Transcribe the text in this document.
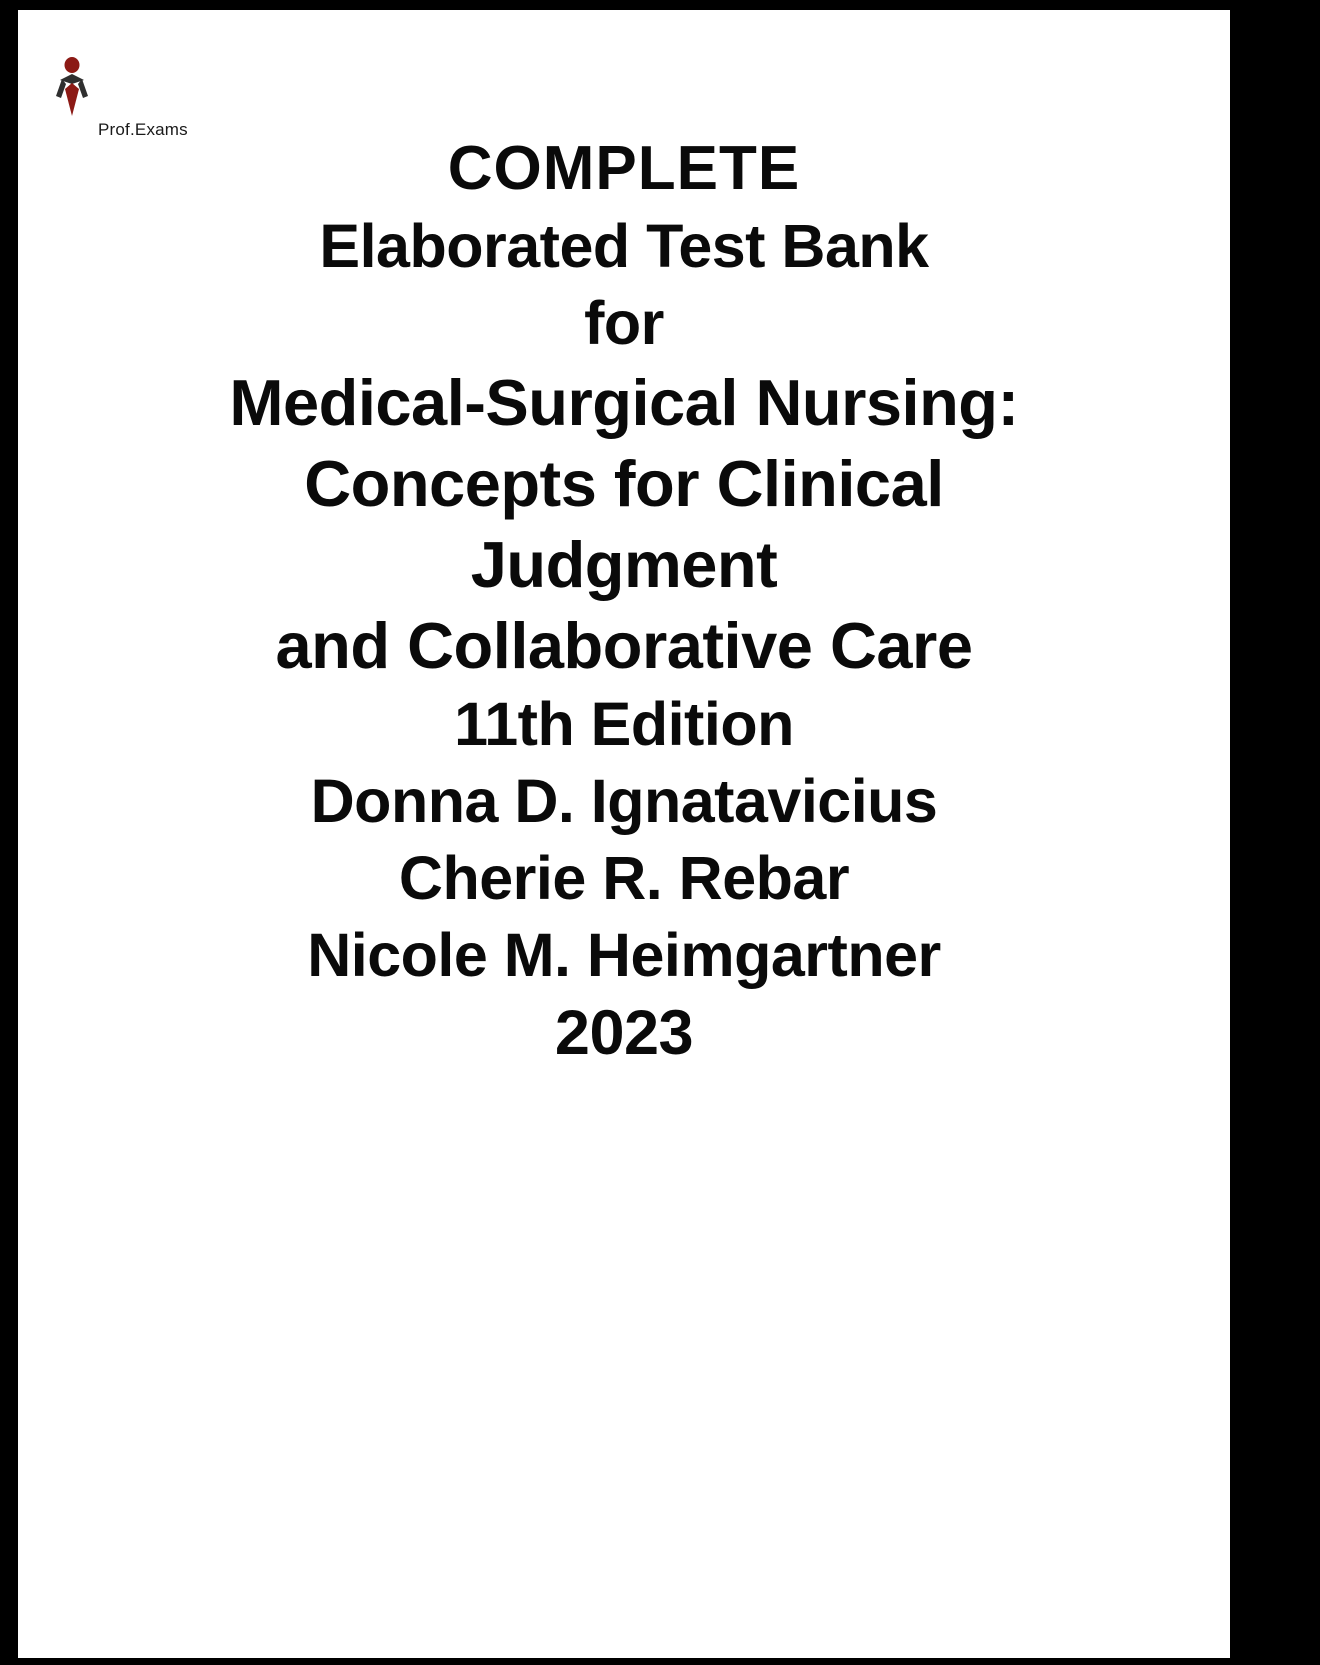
Prof.Exams
COMPLETE
Elaborated Test Bank
for
Medical-Surgical Nursing:
Concepts for Clinical
Judgment
and Collaborative Care
11th Edition
Donna D. Ignatavicius
Cherie R. Rebar
Nicole M. Heimgartner
2023
